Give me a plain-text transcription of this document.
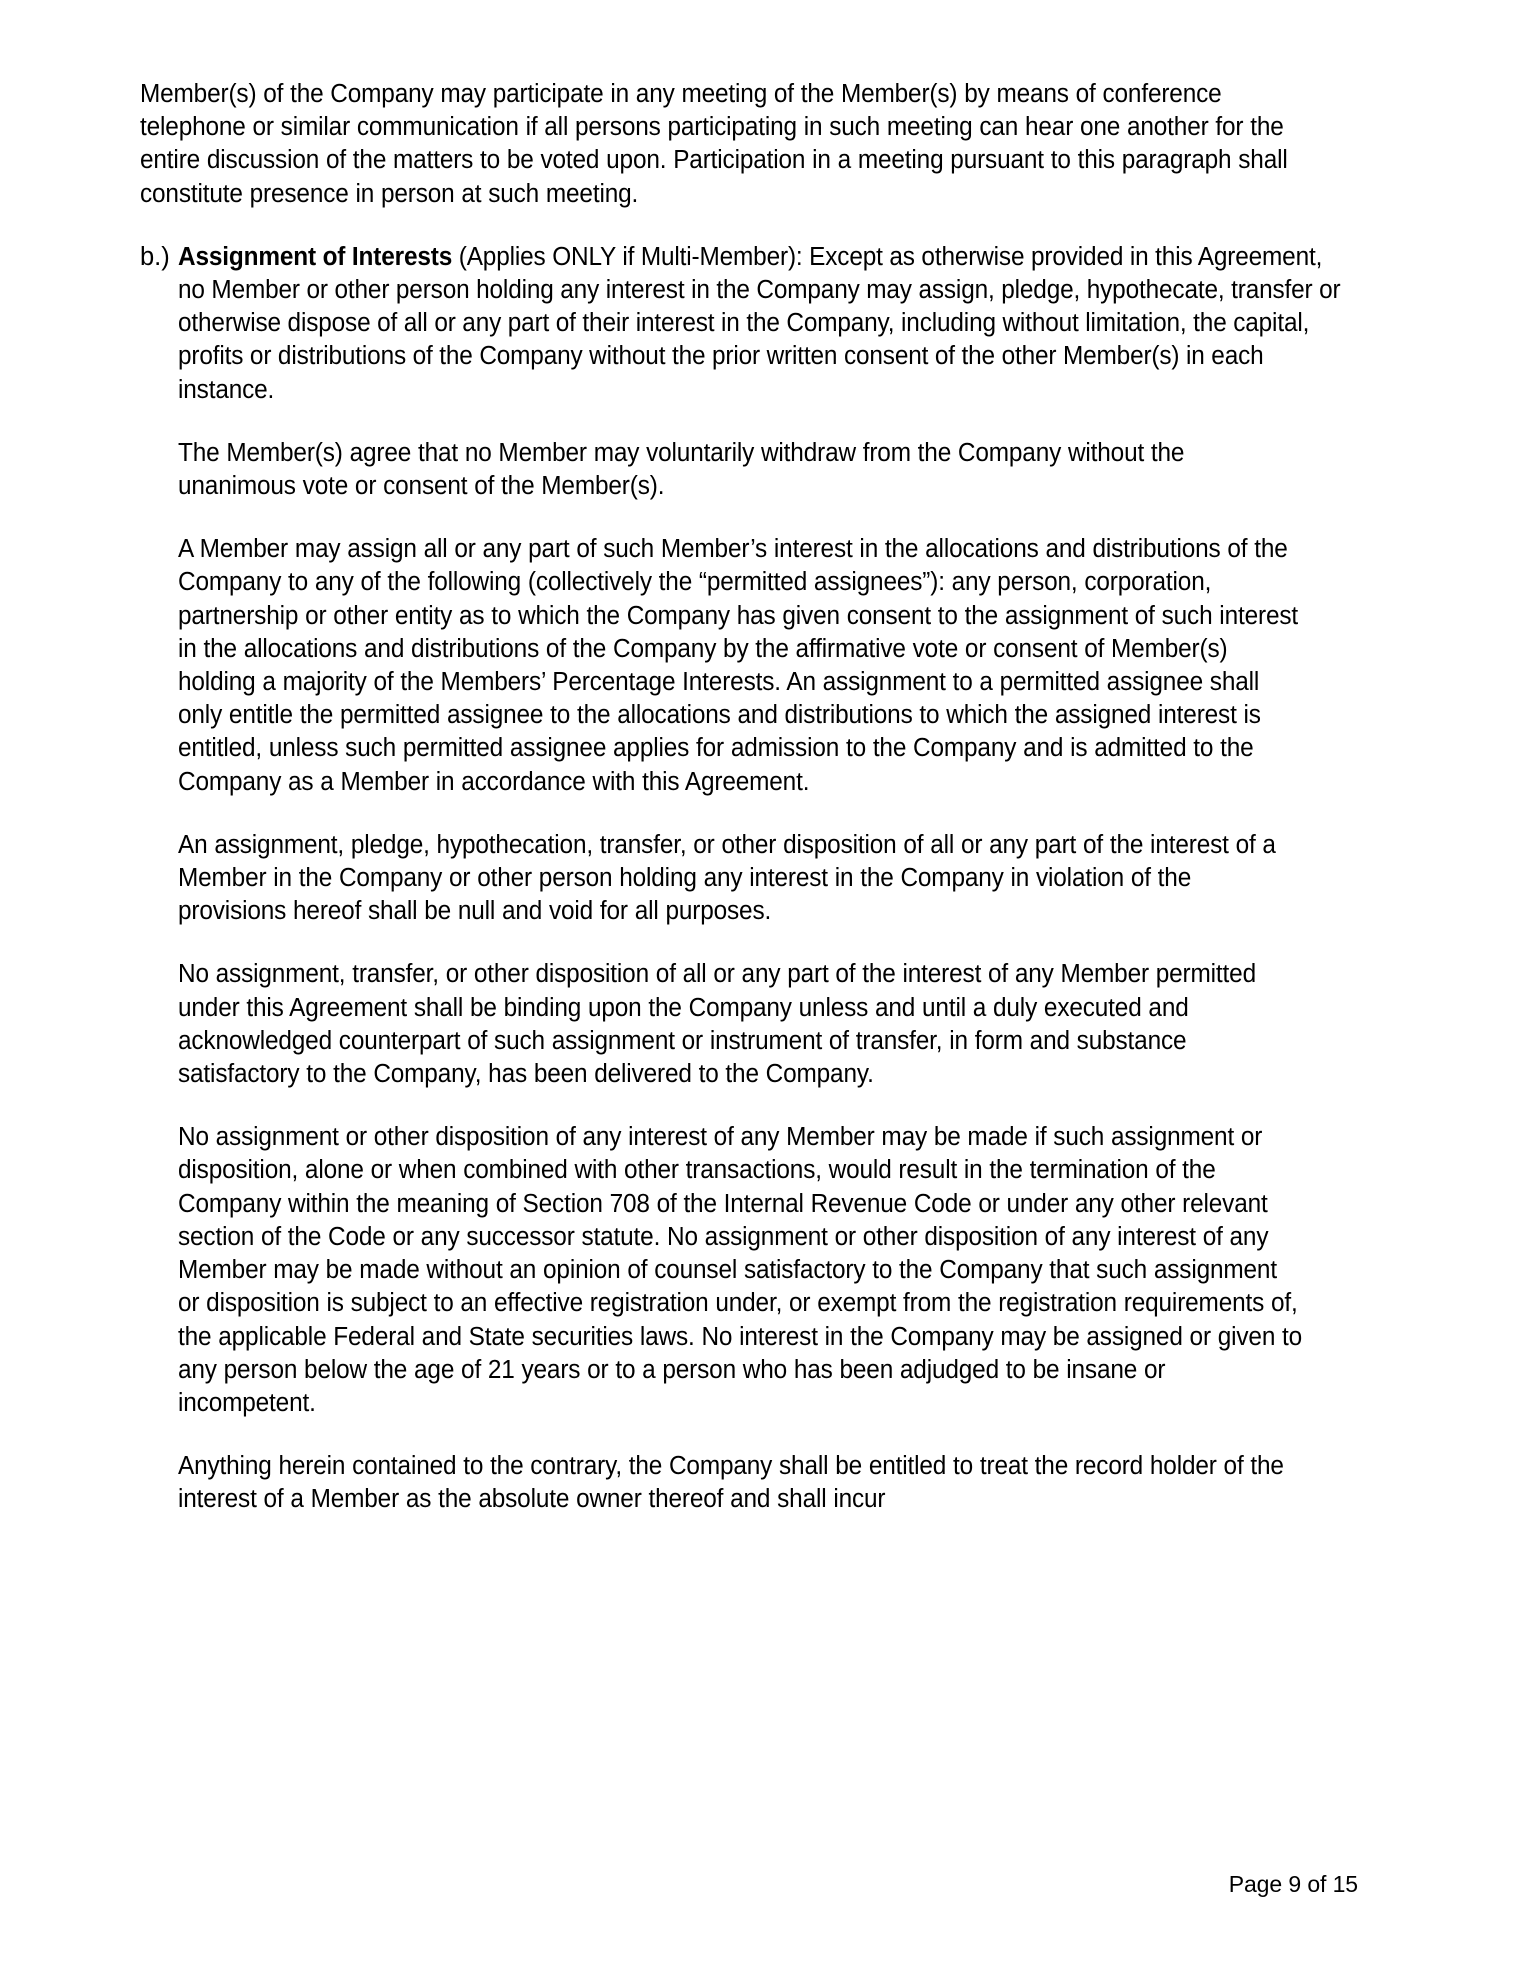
Member(s) of the Company may participate in any meeting of the Member(s) by means of conference telephone or similar communication if all persons participating in such meeting can hear one another for the entire discussion of the matters to be voted upon. Participation in a meeting pursuant to this paragraph shall constitute presence in person at such meeting.

b.) Assignment of Interests (Applies ONLY if Multi-Member): Except as otherwise provided in this Agreement, no Member or other person holding any interest in the Company may assign, pledge, hypothecate, transfer or otherwise dispose of all or any part of their interest in the Company, including without limitation, the capital, profits or distributions of the Company without the prior written consent of the other Member(s) in each instance.

The Member(s) agree that no Member may voluntarily withdraw from the Company without the unanimous vote or consent of the Member(s).

A Member may assign all or any part of such Member’s interest in the allocations and distributions of the Company to any of the following (collectively the “permitted assignees”): any person, corporation, partnership or other entity as to which the Company has given consent to the assignment of such interest in the allocations and distributions of the Company by the affirmative vote or consent of Member(s) holding a majority of the Members’ Percentage Interests. An assignment to a permitted assignee shall only entitle the permitted assignee to the allocations and distributions to which the assigned interest is entitled, unless such permitted assignee applies for admission to the Company and is admitted to the Company as a Member in accordance with this Agreement.

An assignment, pledge, hypothecation, transfer, or other disposition of all or any part of the interest of a Member in the Company or other person holding any interest in the Company in violation of the provisions hereof shall be null and void for all purposes.

No assignment, transfer, or other disposition of all or any part of the interest of any Member permitted under this Agreement shall be binding upon the Company unless and until a duly executed and acknowledged counterpart of such assignment or instrument of transfer, in form and substance satisfactory to the Company, has been delivered to the Company.

No assignment or other disposition of any interest of any Member may be made if such assignment or disposition, alone or when combined with other transactions, would result in the termination of the Company within the meaning of Section 708 of the Internal Revenue Code or under any other relevant section of the Code or any successor statute. No assignment or other disposition of any interest of any Member may be made without an opinion of counsel satisfactory to the Company that such assignment or disposition is subject to an effective registration under, or exempt from the registration requirements of, the applicable Federal and State securities laws. No interest in the Company may be assigned or given to any person below the age of 21 years or to a person who has been adjudged to be insane or incompetent.

Anything herein contained to the contrary, the Company shall be entitled to treat the record holder of the interest of a Member as the absolute owner thereof and shall incur

Page 9 of 15
